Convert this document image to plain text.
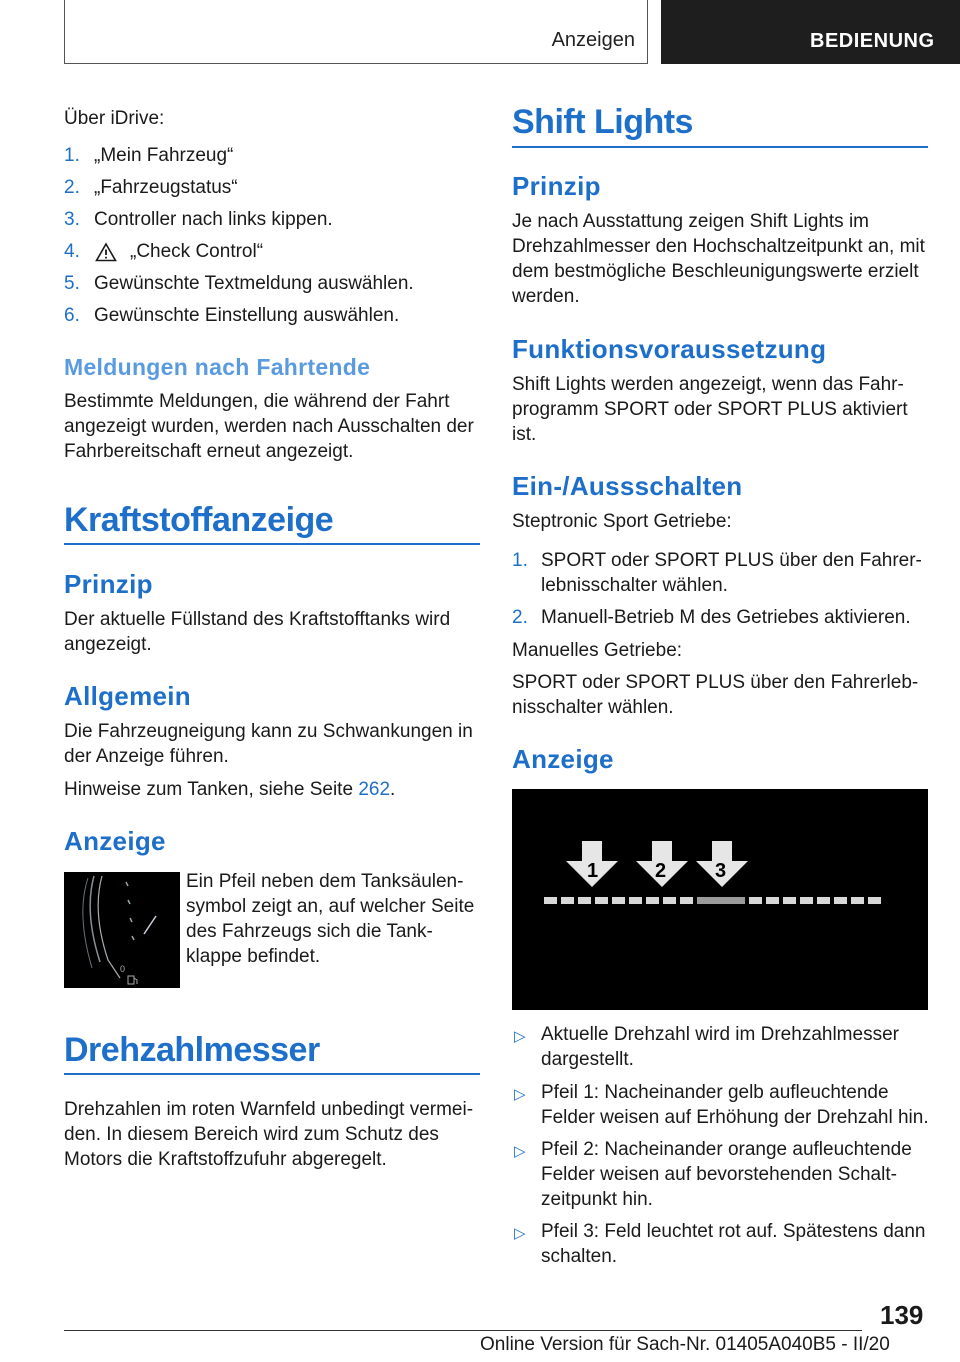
Anzeigen	BEDIENUNG

Über iDrive:

1. „Mein Fahrzeug“

2. „Fahrzeugstatus“

3. Controller nach links kippen.

4.	„Check Control“

5. Gewünschte Textmeldung auswählen.

6. Gewünschte Einstellung auswählen.

Meldungen nach Fahrtende

Bestimmte Meldungen, die während der Fahrt

angezeigt wurden, werden nach Ausschalten der

Fahrbereitschaft erneut angezeigt.

Kraftstoffanzeige
Prinzip

Der aktuelle Füllstand des Kraftstofftanks wird

angezeigt.

Allgemein

Die Fahrzeugneigung kann zu Schwankungen in

der Anzeige führen.

Hinweise zum Tanken, siehe Seite 262.

Anzeige
0

Ein Pfeil neben dem Tanksäulen-

symbol zeigt an, auf welcher Seite

des Fahrzeugs sich die Tank-

klappe befindet.

Drehzahlmesser

Drehzahlen im roten Warnfeld unbedingt vermei-

den. In diesem Bereich wird zum Schutz des

Motors die Kraftstoffzufuhr abgeregelt.

Shift Lights
Prinzip

Je nach Ausstattung zeigen Shift Lights im

Drehzahlmesser den Hochschaltzeitpunkt an, mit

dem bestmögliche Beschleunigungswerte erzielt

werden.

Funktionsvoraussetzung

Shift Lights werden angezeigt, wenn das Fahr-

programm SPORT oder SPORT PLUS aktiviert

ist.

Ein-/Aussschalten

Steptronic Sport Getriebe:

1. SPORT oder SPORT PLUS über den Fahrer-

lebnisschalter wählen.

2. Manuell-Betrieb M des Getriebes aktivieren.

Manuelles Getriebe:

SPORT oder SPORT PLUS über den Fahrerleb-

nisschalter wählen.

Anzeige
1	2 3
▷ Aktuelle Drehzahl wird im Drehzahlmesser

dargestellt.

▷ Pfeil 1: Nacheinander gelb aufleuchtende

Felder weisen auf Erhöhung der Drehzahl hin.

▷ Pfeil 2: Nacheinander orange aufleuchtende

Felder weisen auf bevorstehenden Schalt-

zeitpunkt hin.

▷ Pfeil 3: Feld leuchtet rot auf. Spätestens dann

schalten.

139
Online Version für Sach-Nr. 01405A040B5 - II/20
